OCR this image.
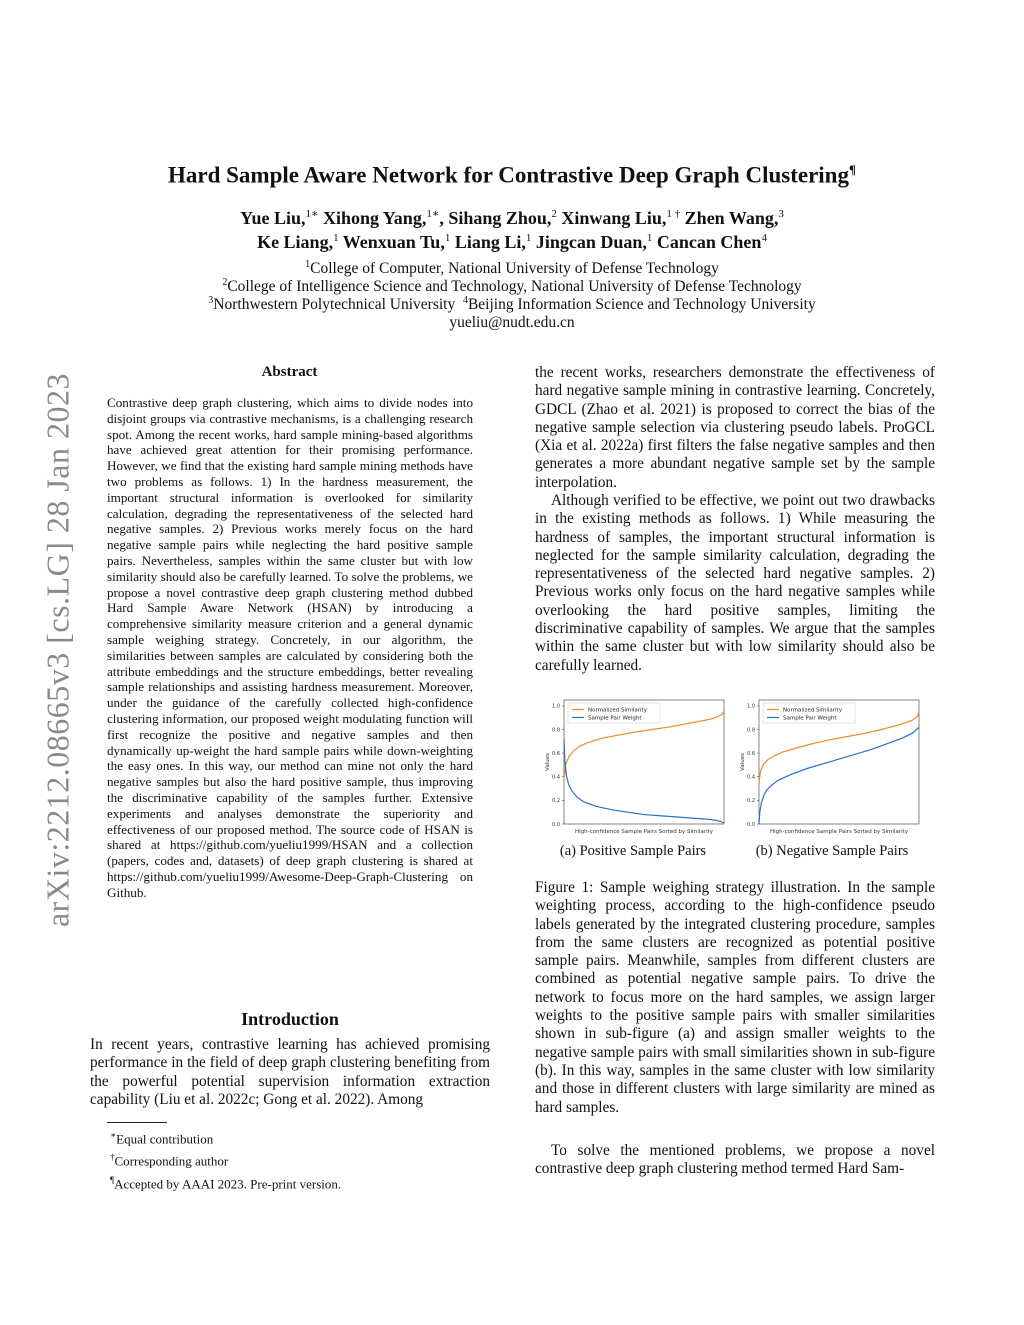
arXiv:2212.08665v3 [cs.LG] 28 Jan 2023
Hard Sample Aware Network for Contrastive Deep Graph Clustering¶
Yue Liu,$^{1∗}$ Xihong Yang,$^{1∗}$, Sihang Zhou,$^2$ Xinwang Liu,$^{1 \dagger}$ Zhen Wang,$^3$
Ke Liang,$^1$ Wenxuan Tu,$^1$ Liang Li,$^1$ Jingcan Duan,$^1$ Cancan Chen$^4$
$^1$College of Computer, National University of Defense Technology
$^2$College of Intelligence Science and Technology, National University of Defense Technology
$^3$Northwestern Polytechnical University $^4$Beijing Information Science and Technology University
yueliu@nudt.edu.cn
Abstract
Contrastive deep graph clustering, which aims to divide nodes into disjoint groups via contrastive mechanisms, is a challenging research spot. Among the recent works, hard sample mining-based algorithms have achieved great attention for their promising performance. However, we find that the existing hard sample mining methods have two problems as follows. 1) In the hardness measurement, the important structural information is overlooked for similarity calculation, degrading the representativeness of the selected hard negative samples. 2) Previous works merely focus on the hard negative sample pairs while neglecting the hard positive sample pairs. Nevertheless, samples within the same cluster but with low similarity should also be carefully learned. To solve the problems, we propose a novel contrastive deep graph clustering method dubbed Hard Sample Aware Network (HSAN) by introducing a comprehensive similarity measure criterion and a general dynamic sample weighing strategy. Concretely, in our algorithm, the similarities between samples are calculated by considering both the attribute embeddings and the structure embeddings, better revealing sample relationships and assisting hardness measurement. Moreover, under the guidance of the carefully collected high-confidence clustering information, our proposed weight modulating function will first recognize the positive and negative samples and then dynamically up-weight the hard sample pairs while down-weighting the easy ones. In this way, our method can mine not only the hard negative samples but also the hard positive sample, thus improving the discriminative capability of the samples further. Extensive experiments and analyses demonstrate the superiority and effectiveness of our proposed method. The source code of HSAN is shared at https://github.com/yueliu1999/HSAN and a collection (papers, codes and, datasets) of deep graph clustering is shared at https://github.com/yueliu1999/Awesome-Deep-Graph-Clustering on Github.
Introduction
In recent years, contrastive learning has achieved promising performance in the field of deep graph clustering benefiting from the powerful potential supervision information extraction capability (Liu et al. 2022c; Gong et al. 2022). Among
∗Equal contribution
†Corresponding author
¶Accepted by AAAI 2023. Pre-print version.
the recent works, researchers demonstrate the effectiveness of hard negative sample mining in contrastive learning. Concretely, GDCL (Zhao et al. 2021) is proposed to correct the bias of the negative sample selection via clustering pseudo labels. ProGCL (Xia et al. 2022a) first filters the false negative samples and then generates a more abundant negative sample set by the sample interpolation.
Although verified to be effective, we point out two drawbacks in the existing methods as follows. 1) While measuring the hardness of samples, the important structural information is neglected for the sample similarity calculation, degrading the representativeness of the selected hard negative samples. 2) Previous works only focus on the hard negative samples while overlooking the hard positive samples, limiting the discriminative capability of samples. We argue that the samples within the same cluster but with low similarity should also be carefully learned.
0.0
0.2
0.4
0.6
0.8
1.0
Values
High-confidence Sample Pairs Sorted by Similarity
Normalized Similarity
Sample Pair Weight
0.0
0.2
0.4
0.6
0.8
1.0
Values
High-confidence Sample Pairs Sorted by Similarity
Normalized Similarity
Sample Pair Weight
(a) Positive Sample Pairs	(b) Negative Sample Pairs
Figure 1: Sample weighing strategy illustration. In the sample weighting process, according to the high-confidence pseudo labels generated by the integrated clustering procedure, samples from the same clusters are recognized as potential positive sample pairs. Meanwhile, samples from different clusters are combined as potential negative sample pairs. To drive the network to focus more on the hard samples, we assign larger weights to the positive sample pairs with smaller similarities shown in sub-figure (a) and assign smaller weights to the negative sample pairs with small similarities shown in sub-figure (b). In this way, samples in the same cluster with low similarity and those in different clusters with large similarity are mined as hard samples.
To solve the mentioned problems, we propose a novel contrastive deep graph clustering method termed Hard Sam-
